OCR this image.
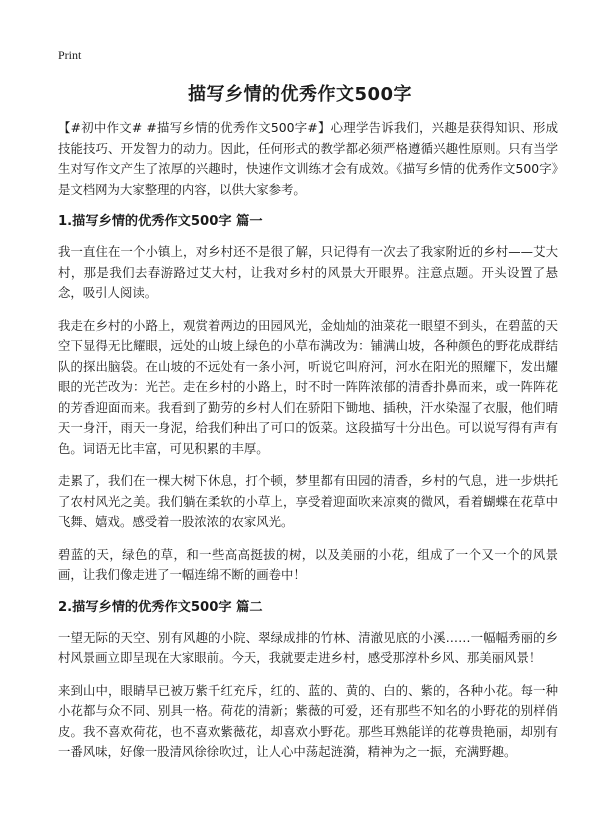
Print
描写乡情的优秀作文500字

【#初中作文# #描写乡情的优秀作文500字#】心理学告诉我们，兴趣是获得知识、形成技能技巧、开发智力的动力。因此，任何形式的教学都必须严格遵循兴趣性原则。只有当学生对写作文产生了浓厚的兴趣时，快速作文训练才会有成效。《描写乡情的优秀作文500字》是文档网为大家整理的内容，以供大家参考。

1.描写乡情的优秀作文500字 篇一

我一直住在一个小镇上，对乡村还不是很了解，只记得有一次去了我家附近的乡村——艾大村，那是我们去春游路过艾大村，让我对乡村的风景大开眼界。注意点题。开头设置了悬念，吸引人阅读。

我走在乡村的小路上，观赏着两边的田园风光，金灿灿的油菜花一眼望不到头，在碧蓝的天空下显得无比耀眼，远处的山坡上绿色的小草布满改为：铺满山坡，各种颜色的野花成群结队的探出脑袋。在山坡的不远处有一条小河，听说它叫府河，河水在阳光的照耀下，发出耀眼的光芒改为：光芒。走在乡村的小路上，时不时一阵阵浓郁的清香扑鼻而来，或一阵阵花的芳香迎面而来。我看到了勤劳的乡村人们在骄阳下锄地、插秧，汗水染湿了衣服，他们晴天一身汗，雨天一身泥，给我们种出了可口的饭菜。这段描写十分出色。可以说写得有声有色。词语无比丰富，可见积累的丰厚。

走累了，我们在一棵大树下休息，打个顿，梦里都有田园的清香，乡村的气息，进一步烘托了农村风光之美。我们躺在柔软的小草上，享受着迎面吹来凉爽的微风，看着蝴蝶在花草中飞舞、嬉戏。感受着一股浓浓的农家风光。

碧蓝的天，绿色的草，和一些高高挺拔的树，以及美丽的小花，组成了一个又一个的风景画，让我们像走进了一幅连绵不断的画卷中！

2.描写乡情的优秀作文500字 篇二

一望无际的天空、别有风趣的小院、翠绿成排的竹林、清澈见底的小溪……一幅幅秀丽的乡村风景画立即呈现在大家眼前。今天，我就要走进乡村，感受那淳朴乡风、那美丽风景！

来到山中，眼睛早已被万紫千红充斥，红的、蓝的、黄的、白的、紫的，各种小花。每一种小花都与众不同、别具一格。荷花的清新；紫薇的可爱，还有那些不知名的小野花的别样俏皮。我不喜欢荷花，也不喜欢紫薇花，却喜欢小野花。那些耳熟能详的花尊贵艳丽，却别有一番风味，好像一股清风徐徐吹过，让人心中荡起涟漪，精神为之一振，充满野趣。
